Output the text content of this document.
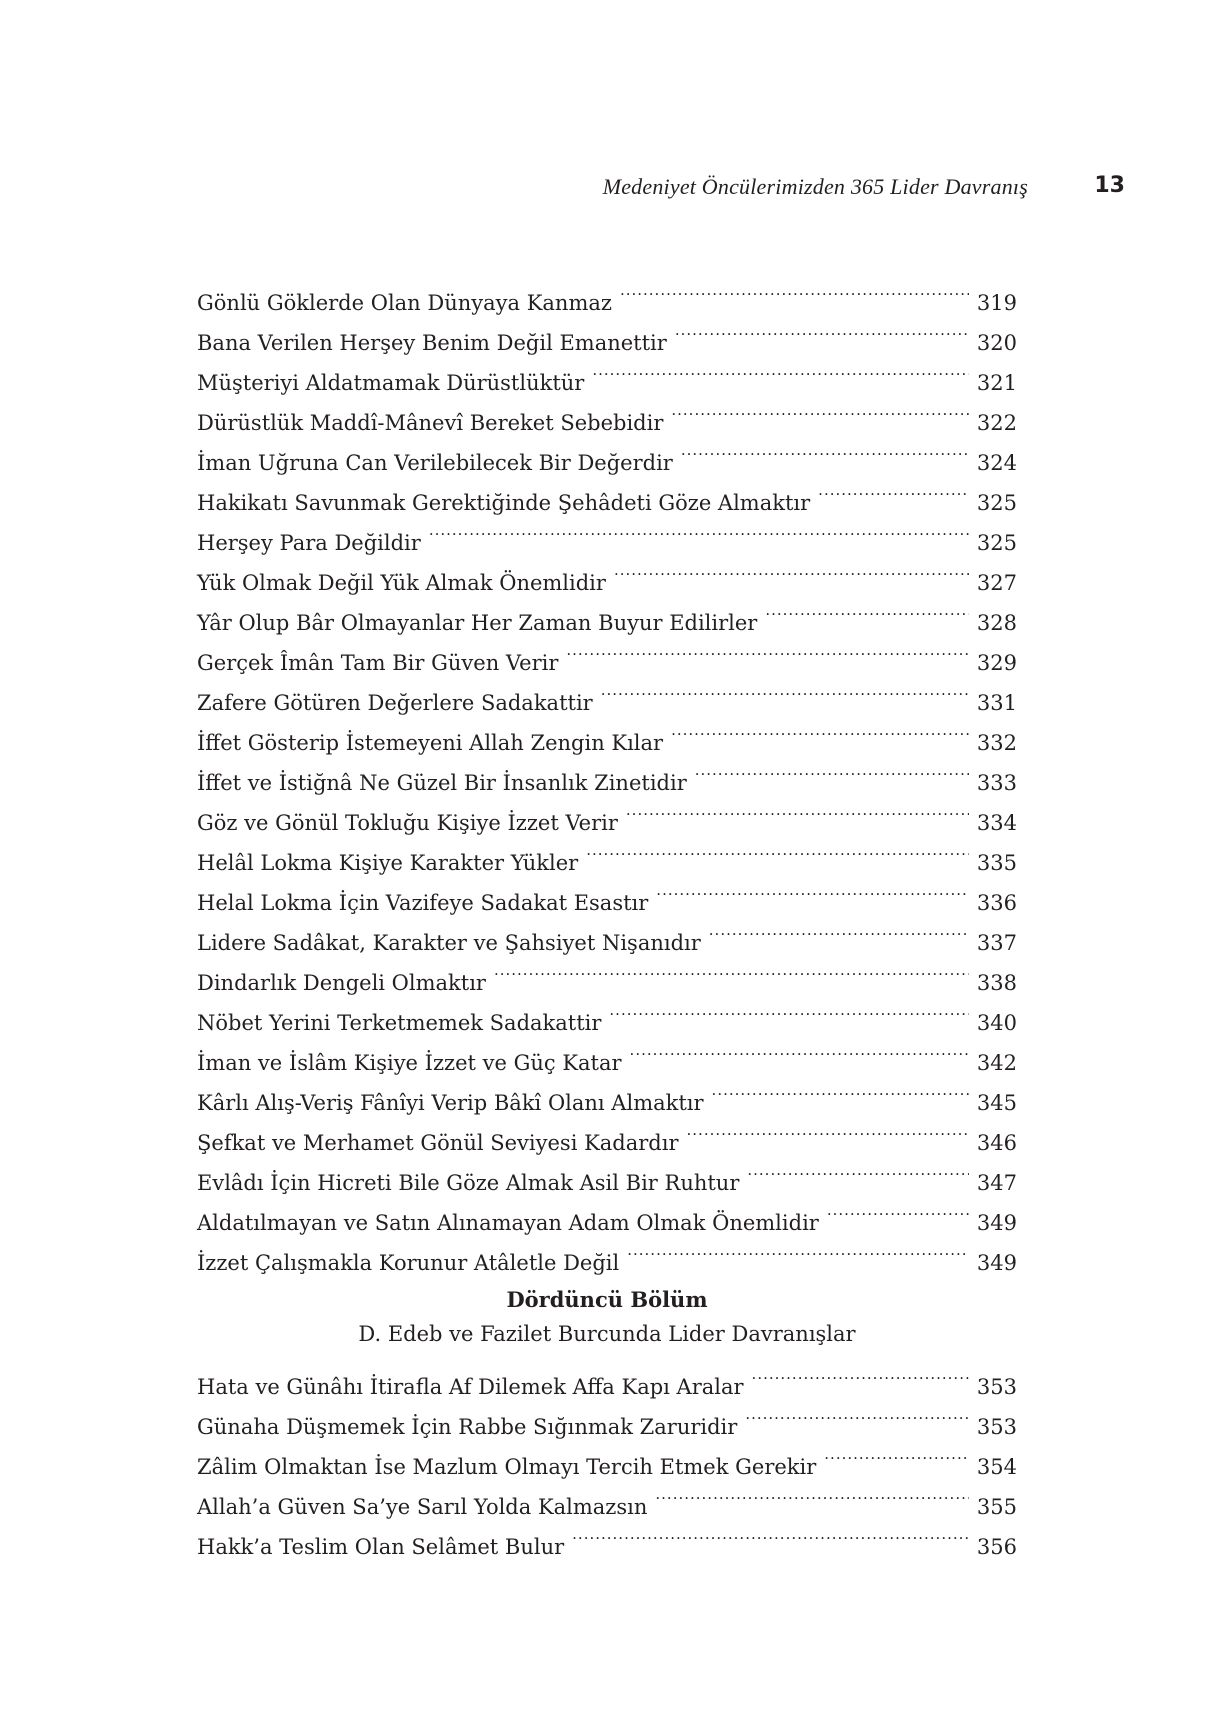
Medeniyet Öncülerimizden 365 Lider Davranış	13
Gönlü Göklerde Olan Dünyaya Kanmaz .....	319
Bana Verilen Herşey Benim Değil Emanettir .....	320
Müşteriyi Aldatmamak Dürüstlüktür .....	321
Dürüstlük Maddî-Mânevî Bereket Sebebidir .....	322
İman Uğruna Can Verilebilecek Bir Değerdir .....	324
Hakikatı Savunmak Gerektiğinde Şehâdeti Göze Almaktır .....	325
Herşey Para Değildir .....	325
Yük Olmak Değil Yük Almak Önemlidir .....	327
Yâr Olup Bâr Olmayanlar Her Zaman Buyur Edilirler .....	328
Gerçek Îmân Tam Bir Güven Verir .....	329
Zafere Götüren Değerlere Sadakattir .....	331
İffet Gösterip İstemeyeni Allah Zengin Kılar .....	332
İffet ve İstiğnâ Ne Güzel Bir İnsanlık Zinetidir .....	333
Göz ve Gönül Tokluğu Kişiye İzzet Verir .....	334
Helâl Lokma Kişiye Karakter Yükler .....	335
Helal Lokma İçin Vazifeye Sadakat Esastır .....	336
Lidere Sadâkat, Karakter ve Şahsiyet Nişanıdır .....	337
Dindarlık Dengeli Olmaktır .....	338
Nöbet Yerini Terketmemek Sadakattir .....	340
İman ve İslâm Kişiye İzzet ve Güç Katar .....	342
Kârlı Alış-Veriş Fânîyi Verip Bâkî Olanı Almaktır .....	345
Şefkat ve Merhamet Gönül Seviyesi Kadardır .....	346
Evlâdı İçin Hicreti Bile Göze Almak Asil Bir Ruhtur .....	347
Aldatılmayan ve Satın Alınamayan Adam Olmak Önemlidir .....	349
İzzet Çalışmakla Korunur Atâletle Değil .....	349
Dördüncü Bölüm
D. Edeb ve Fazilet Burcunda Lider Davranışlar
Hata ve Günâhı İtirafla Af Dilemek Affa Kapı Aralar .....	353
Günaha Düşmemek İçin Rabbe Sığınmak Zaruridir .....	353
Zâlim Olmaktan İse Mazlum Olmayı Tercih Etmek Gerekir .....	354
Allah’a Güven Sa’ye Sarıl Yolda Kalmazsın .....	355
Hakk’a Teslim Olan Selâmet Bulur .....	356
